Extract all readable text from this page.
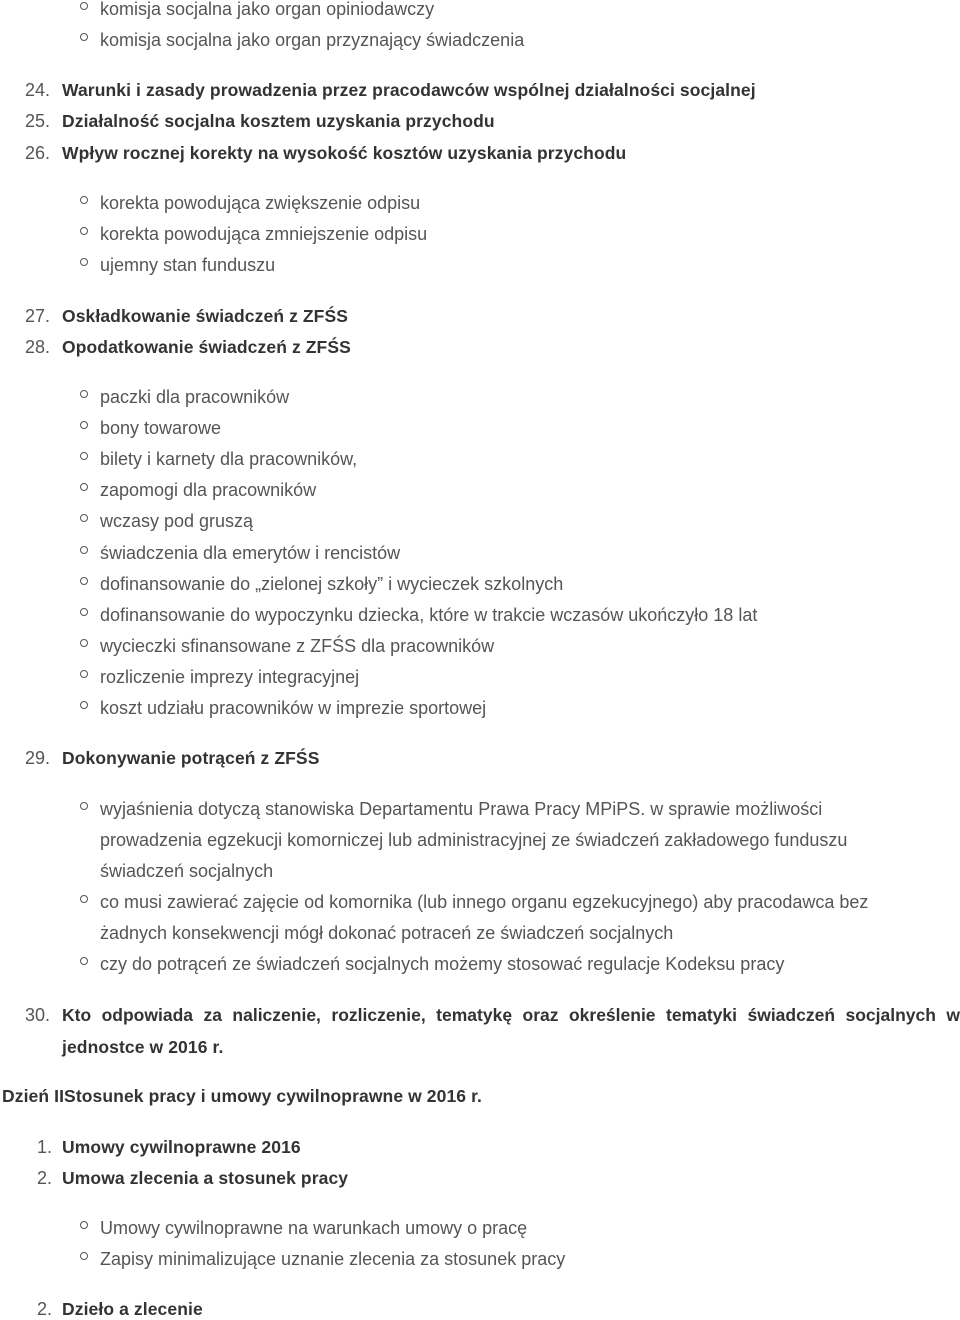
komisja socjalna jako organ opiniodawczy
komisja socjalna jako organ przyznający świadczenia
24. Warunki i zasady prowadzenia przez pracodawców wspólnej działalności socjalnej
25. Działalność socjalna kosztem uzyskania przychodu
26. Wpływ rocznej korekty na wysokość kosztów uzyskania przychodu
korekta powodująca zwiększenie odpisu
korekta powodująca zmniejszenie odpisu
ujemny stan funduszu
27. Oskładkowanie świadczeń z ZFŚS
28. Opodatkowanie świadczeń z ZFŚS
paczki dla pracowników
bony towarowe
bilety i karnety dla pracowników,
zapomogi dla pracowników
wczasy pod gruszą
świadczenia dla emerytów i rencistów
dofinansowanie do „zielonej szkoły” i wycieczek szkolnych
dofinansowanie do wypoczynku dziecka, które w trakcie wczasów ukończyło 18 lat
wycieczki sfinansowane z ZFŚS dla pracowników
rozliczenie imprezy integracyjnej
koszt udziału pracowników w imprezie sportowej
29. Dokonywanie potrąceń z ZFŚS
wyjaśnienia dotyczą stanowiska Departamentu Prawa Pracy MPiPS. w sprawie możliwości
prowadzenia egzekucji komorniczej lub administracyjnej ze świadczeń zakładowego funduszu
świadczeń socjalnych
co musi zawierać zajęcie od komornika (lub innego organu egzekucyjnego) aby pracodawca bez
żadnych konsekwencji mógł dokonać potraceń ze świadczeń socjalnych
czy do potrąceń ze świadczeń socjalnych możemy stosować regulacje Kodeksu pracy
30. Kto odpowiada za naliczenie, rozliczenie, tematykę oraz określenie tematyki świadczeń socjalnych w
jednostce w 2016 r.
Dzień IIStosunek pracy i umowy cywilnoprawne w 2016 r.
1. Umowy cywilnoprawne 2016
2. Umowa zlecenia a stosunek pracy
Umowy cywilnoprawne na warunkach umowy o pracę
Zapisy minimalizujące uznanie zlecenia za stosunek pracy
2. Dzieło a zlecenie
